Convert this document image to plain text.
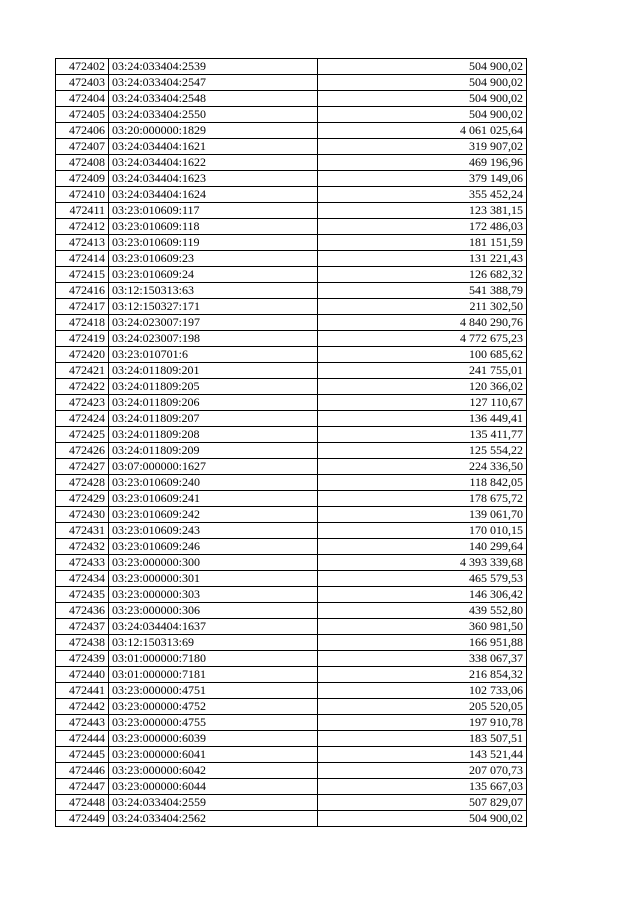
472402	03:24:033404:2539	504 900,02
472403	03:24:033404:2547	504 900,02
472404	03:24:033404:2548	504 900,02
472405	03:24:033404:2550	504 900,02
472406	03:20:000000:1829	4 061 025,64
472407	03:24:034404:1621	319 907,02
472408	03:24:034404:1622	469 196,96
472409	03:24:034404:1623	379 149,06
472410	03:24:034404:1624	355 452,24
472411	03:23:010609:117	123 381,15
472412	03:23:010609:118	172 486,03
472413	03:23:010609:119	181 151,59
472414	03:23:010609:23	131 221,43
472415	03:23:010609:24	126 682,32
472416	03:12:150313:63	541 388,79
472417	03:12:150327:171	211 302,50
472418	03:24:023007:197	4 840 290,76
472419	03:24:023007:198	4 772 675,23
472420	03:23:010701:6	100 685,62
472421	03:24:011809:201	241 755,01
472422	03:24:011809:205	120 366,02
472423	03:24:011809:206	127 110,67
472424	03:24:011809:207	136 449,41
472425	03:24:011809:208	135 411,77
472426	03:24:011809:209	125 554,22
472427	03:07:000000:1627	224 336,50
472428	03:23:010609:240	118 842,05
472429	03:23:010609:241	178 675,72
472430	03:23:010609:242	139 061,70
472431	03:23:010609:243	170 010,15
472432	03:23:010609:246	140 299,64
472433	03:23:000000:300	4 393 339,68
472434	03:23:000000:301	465 579,53
472435	03:23:000000:303	146 306,42
472436	03:23:000000:306	439 552,80
472437	03:24:034404:1637	360 981,50
472438	03:12:150313:69	166 951,88
472439	03:01:000000:7180	338 067,37
472440	03:01:000000:7181	216 854,32
472441	03:23:000000:4751	102 733,06
472442	03:23:000000:4752	205 520,05
472443	03:23:000000:4755	197 910,78
472444	03:23:000000:6039	183 507,51
472445	03:23:000000:6041	143 521,44
472446	03:23:000000:6042	207 070,73
472447	03:23:000000:6044	135 667,03
472448	03:24:033404:2559	507 829,07
472449	03:24:033404:2562	504 900,02
